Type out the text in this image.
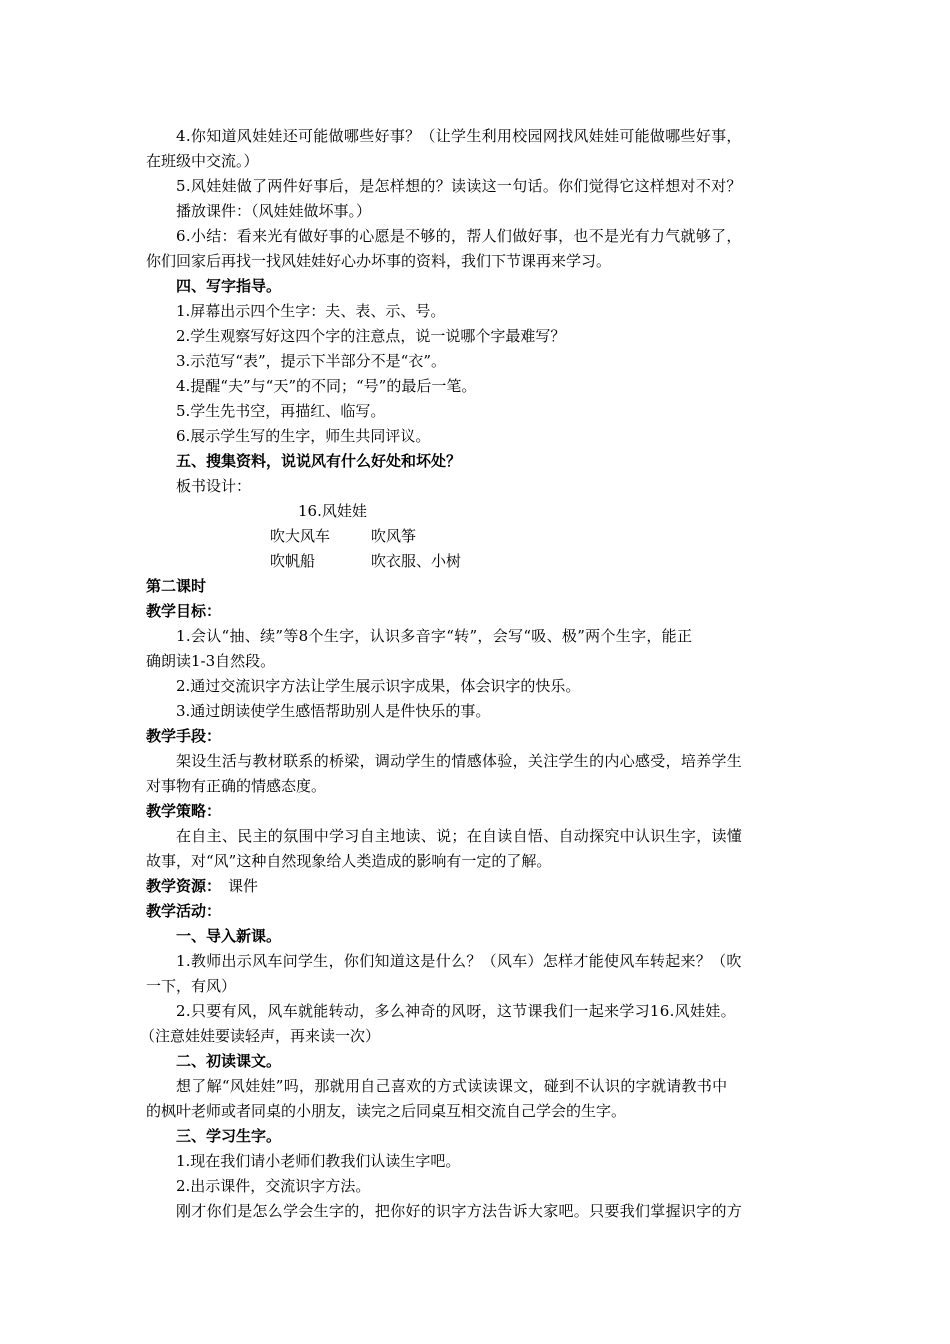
4.你知道风娃娃还可能做哪些好事？（让学生利用校园网找风娃娃可能做哪些好事，
在班级中交流。）
5.风娃娃做了两件好事后，是怎样想的？读读这一句话。你们觉得它这样想对不对？
播放课件：（风娃娃做坏事。）
6.小结：看来光有做好事的心愿是不够的，帮人们做好事，也不是光有力气就够了，
你们回家后再找一找风娃娃好心办坏事的资料，我们下节课再来学习。
四、写字指导。
1.屏幕出示四个生字：夫、表、示、号。
2.学生观察写好这四个字的注意点，说一说哪个字最难写？
3.示范写“表”，提示下半部分不是“衣”。
4.提醒“夫”与“天”的不同；“号”的最后一笔。
5.学生先书空，再描红、临写。
6.展示学生写的生字，师生共同评议。
五、搜集资料，说说风有什么好处和坏处？
板书设计：
16.风娃娃
吹大风车	吹风筝
吹帆船	吹衣服、小树
第二课时
教学目标：
1.会认“抽、续”等8个生字，认识多音字“转”，会写“吸、极”两个生字，能正
确朗读1-3自然段。
2.通过交流识字方法让学生展示识字成果，体会识字的快乐。
3.通过朗读使学生感悟帮助别人是件快乐的事。
教学手段：
架设生活与教材联系的桥梁，调动学生的情感体验，关注学生的内心感受，培养学生
对事物有正确的情感态度。
教学策略：
在自主、民主的氛围中学习自主地读、说；在自读自悟、自动探究中认识生字，读懂
故事，对“风”这种自然现象给人类造成的影响有一定的了解。
教学资源： 课件
教学活动：
一、导入新课。
1.教师出示风车问学生，你们知道这是什么？（风车）怎样才能使风车转起来？（吹
一下，有风）
2.只要有风，风车就能转动，多么神奇的风呀，这节课我们一起来学习16.风娃娃。
（注意娃娃要读轻声，再来读一次）
二、初读课文。
想了解“风娃娃”吗，那就用自己喜欢的方式读读课文，碰到不认识的字就请教书中
的枫叶老师或者同桌的小朋友，读完之后同桌互相交流自己学会的生字。
三、学习生字。
1.现在我们请小老师们教我们认读生字吧。
2.出示课件，交流识字方法。
刚才你们是怎么学会生字的，把你好的识字方法告诉大家吧。只要我们掌握识字的方
